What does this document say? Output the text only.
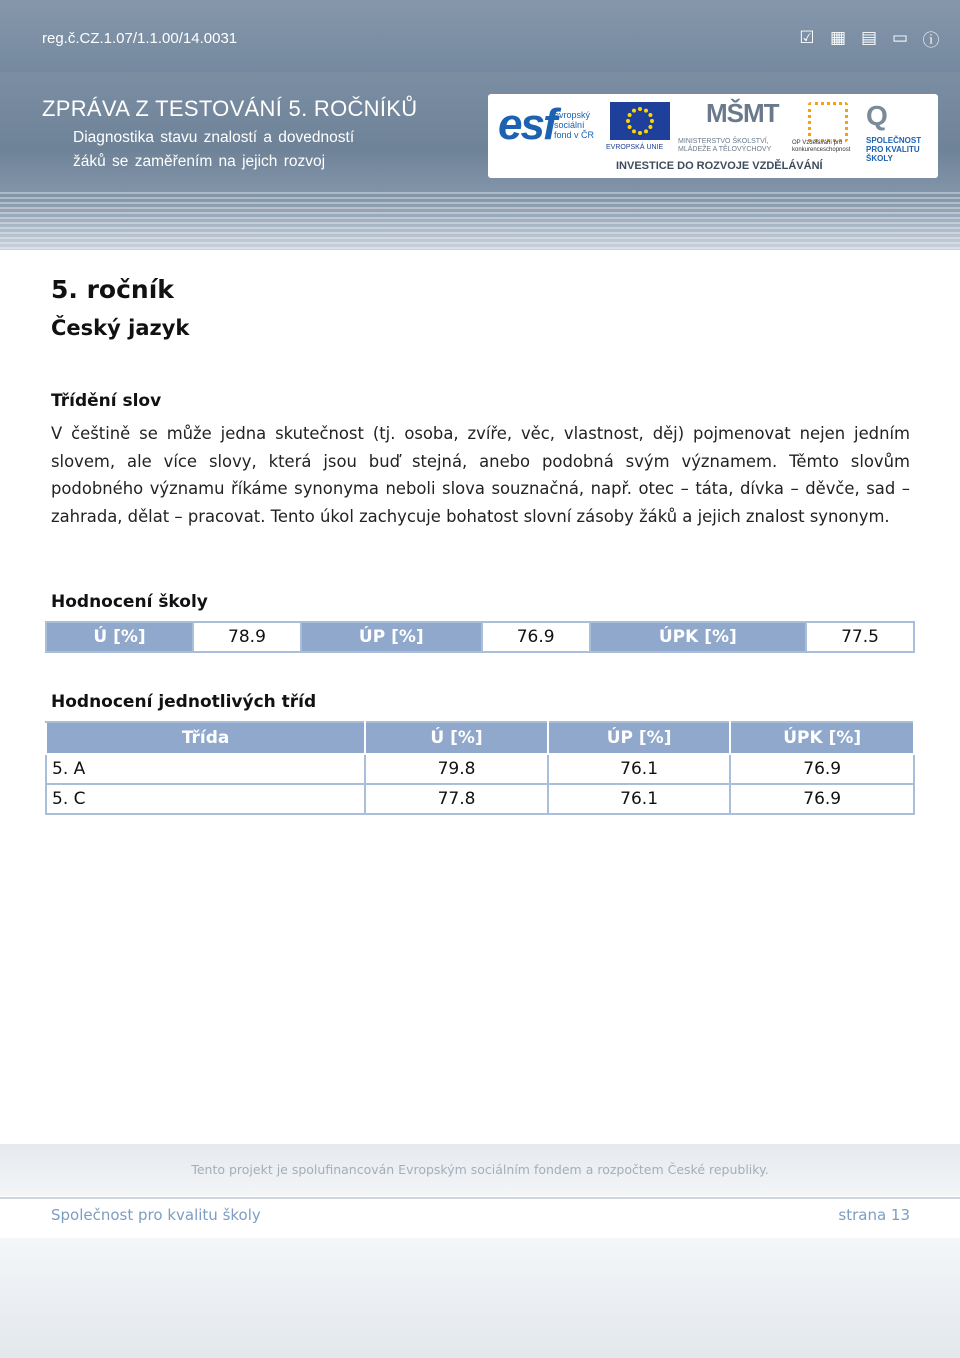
reg.č.CZ.1.07/1.1.00/14.0031	☑ ▦ ▤ ▭ ⓘ
ZPRÁVA Z TESTOVÁNÍ 5. ROČNÍKŮ
Diagnostika stavu znalostí a dovedností
žáků se zaměřením na jejich rozvoj
esf
evropský sociální fond v ČR
EVROPSKÁ UNIE
MŠMT
MINISTERSTVO ŠKOLSTVÍ, MLÁDEŽE A TĚLOVÝCHOVY
OP Vzdělávání pro konkurenceschopnost
Q
SPOLEČNOST PRO KVALITU ŠKOLY
INVESTICE DO ROZVOJE VZDĚLÁVÁNÍ
5. ročník
Český jazyk
Třídění slov
V češtině se může jedna skutečnost (tj. osoba, zvíře, věc, vlastnost, děj) pojmenovat nejen jedním slovem, ale více slovy, která jsou buď stejná, anebo podobná svým významem. Těmto slovům podobného významu říkáme synonyma neboli slova souznačná, např. otec – táta, dívka – děvče, sad – zahrada, dělat – pracovat. Tento úkol zachycuje bohatost slovní zásoby žáků a jejich znalost synonym.
Hodnocení školy
Ú [%]	78.9	ÚP [%]	76.9	ÚPK [%]	77.5
Hodnocení jednotlivých tříd
Třída	Ú [%]	ÚP [%]	ÚPK [%]
5. A	79.8	76.1	76.9
5. C	77.8	76.1	76.9
Tento projekt je spolufinancován Evropským sociálním fondem a rozpočtem České republiky.
Společnost pro kvalitu školy	strana 13
